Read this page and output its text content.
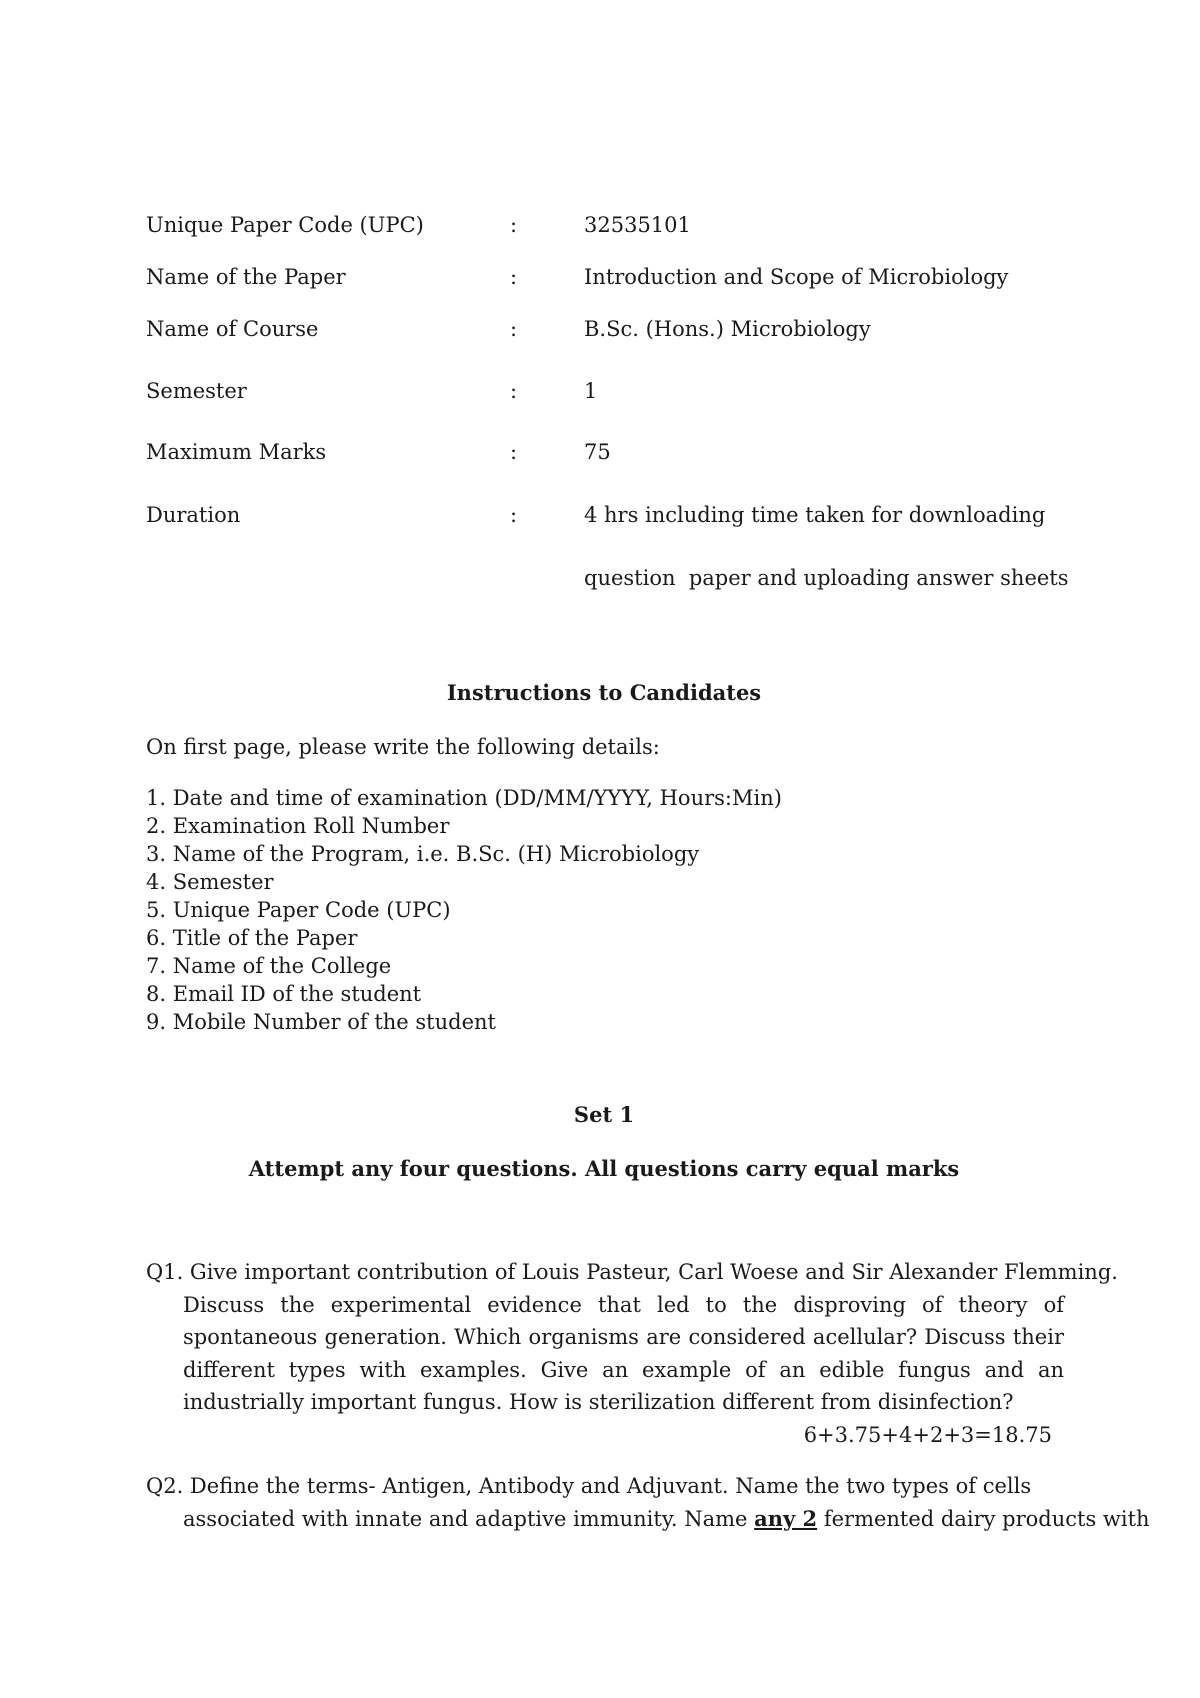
Unique Paper Code (UPC)	:	32535101
Name of the Paper	:	Introduction and Scope of Microbiology
Name of Course	:	B.Sc. (Hons.) Microbiology
Semester	:	1
Maximum Marks	:	75
Duration	:	4 hrs including time taken for downloading
question  paper and uploading answer sheets
Instructions to Candidates
On first page, please write the following details:
1. Date and time of examination (DD/MM/YYYY, Hours:Min)
2. Examination Roll Number
3. Name of the Program, i.e. B.Sc. (H) Microbiology
4. Semester
5. Unique Paper Code (UPC)
6. Title of the Paper
7. Name of the College
8. Email ID of the student
9. Mobile Number of the student
Set 1
Attempt any four questions. All questions carry equal marks
Q1. Give important contribution of Louis Pasteur, Carl Woese and Sir Alexander Flemming.
Discuss the experimental evidence that led to the disproving of theory of spontaneous generation. Which organisms are considered acellular? Discuss their different types with examples. Give an example of an edible fungus and an industrially important fungus. How is sterilization different from disinfection?
6+3.75+4+2+3=18.75
Q2. Define the terms- Antigen, Antibody and Adjuvant. Name the two types of cells
associated with innate and adaptive immunity. Name any 2 fermented dairy products with
